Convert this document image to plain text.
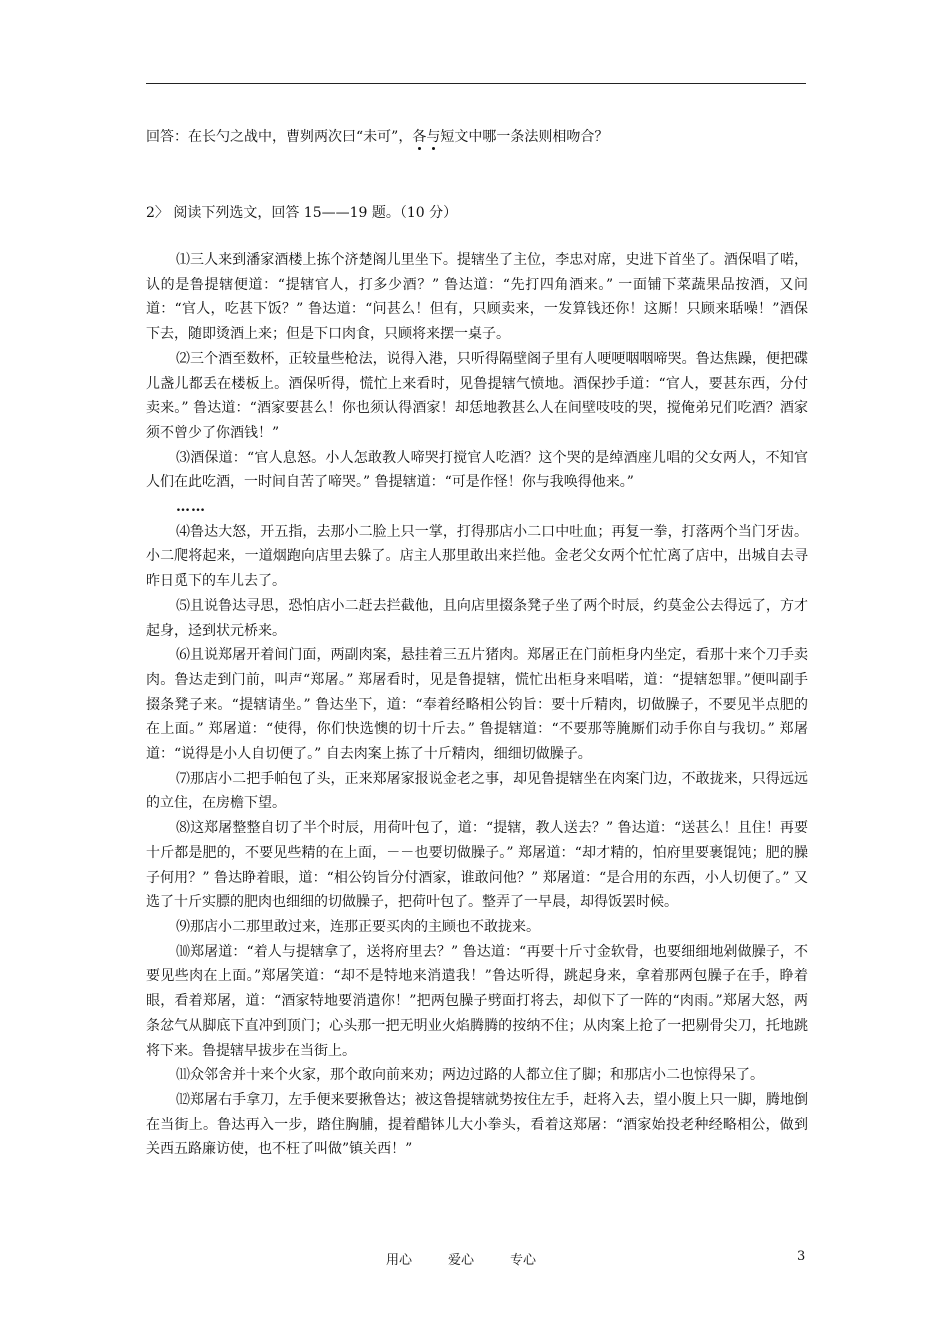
回答：在长勺之战中，曹刿两次曰“未可”，各与短文中哪一条法则相吻合？
2〉 阅读下列选文，回答 15——19 题。（10 分）

⑴三人来到潘家酒楼上拣个济楚阁儿里坐下。提辖坐了主位，李忠对席，史进下首坐了。酒保唱了喏，认的是鲁提辖便道：“提辖官人，打多少酒？” 鲁达道：“先打四角酒来。” 一面铺下菜蔬果品按酒，又问道：“官人，吃甚下饭？” 鲁达道：“问甚么！但有，只顾卖来，一发算钱还你！这厮！只顾来聒噪！”酒保下去，随即烫酒上来；但是下口肉食，只顾将来摆一桌子。

⑵三个酒至数杯，正较量些枪法，说得入港，只听得隔壁阁子里有人哽哽咽咽啼哭。鲁达焦躁，便把碟儿盏儿都丢在楼板上。酒保听得，慌忙上来看时，见鲁提辖气愤地。酒保抄手道：“官人，要甚东西，分付卖来。” 鲁达道：“酒家要甚么！你也须认得酒家！却恁地教甚么人在间壁吱吱的哭，搅俺弟兄们吃酒？酒家须不曾少了你酒钱！”

⑶酒保道：“官人息怒。小人怎敢教人啼哭打搅官人吃酒？这个哭的是绰酒座儿唱的父女两人，不知官人们在此吃酒，一时间自苦了啼哭。” 鲁提辖道：“可是作怪！你与我唤得他来。”

……

⑷鲁达大怒，开五指，去那小二脸上只一掌，打得那店小二口中吐血；再复一拳，打落两个当门牙齿。小二爬将起来，一道烟跑向店里去躲了。店主人那里敢出来拦他。金老父女两个忙忙离了店中，出城自去寻昨日觅下的车儿去了。

⑸且说鲁达寻思，恐怕店小二赶去拦截他，且向店里掇条凳子坐了两个时辰，约莫金公去得远了，方才起身，迳到状元桥来。

⑹且说郑屠开着间门面，两副肉案，悬挂着三五片猪肉。郑屠正在门前柜身内坐定，看那十来个刀手卖肉。鲁达走到门前，叫声“郑屠。” 郑屠看时，见是鲁提辖，慌忙出柜身来唱喏，道：“提辖恕罪。”便叫副手掇条凳子来。“提辖请坐。” 鲁达坐下，道：“奉着经略相公钧旨：要十斤精肉，切做臊子，不要见半点肥的在上面。” 郑屠道：“使得，你们快选懊的切十斤去。” 鲁提辖道：“不要那等腌厮们动手你自与我切。” 郑屠道：“说得是小人自切便了。” 自去肉案上拣了十斤精肉，细细切做臊子。

⑺那店小二把手帕包了头，正来郑屠家报说金老之事，却见鲁提辖坐在肉案门边，不敢拢来，只得远远的立住，在房檐下望。

⑻这郑屠整整自切了半个时辰，用荷叶包了，道：“提辖，教人送去？” 鲁达道：“送甚么！且住！再要十斤都是肥的，不要见些精的在上面，－－也要切做臊子。” 郑屠道：“却才精的，怕府里要裹馄饨；肥的臊子何用？” 鲁达睁着眼，道：“相公钧旨分付酒家，谁敢问他？” 郑屠道：“是合用的东西，小人切便了。” 又选了十斤实膘的肥肉也细细的切做臊子，把荷叶包了。整弄了一早晨，却得饭罢时候。

⑼那店小二那里敢过来，连那正要买肉的主顾也不敢拢来。

⑽郑屠道：“着人与提辖拿了，送将府里去？” 鲁达道：“再要十斤寸金软骨，也要细细地剁做臊子，不要见些肉在上面。”郑屠笑道：“却不是特地来消遣我！”鲁达听得，跳起身来，拿着那两包臊子在手，睁着眼，看着郑屠，道：“酒家特地要消遣你！”把两包臊子劈面打将去，却似下了一阵的“肉雨。”郑屠大怒，两条忿气从脚底下直冲到顶门；心头那一把无明业火焰腾腾的按纳不住；从肉案上抢了一把剔骨尖刀，托地跳将下来。鲁提辖早拔步在当街上。

⑾众邻舍并十来个火家，那个敢向前来劝；两边过路的人都立住了脚；和那店小二也惊得呆了。

⑿郑屠右手拿刀，左手便来要揪鲁达；被这鲁提辖就势按住左手，赶将入去，望小腹上只一脚，腾地倒在当街上。鲁达再入一步，踏住胸脯，提着醋钵儿大小拳头，看着这郑屠：“酒家始投老种经略相公，做到关西五路廉访使，也不枉了叫做”镇关西！”

用心	爱心	专心	3
